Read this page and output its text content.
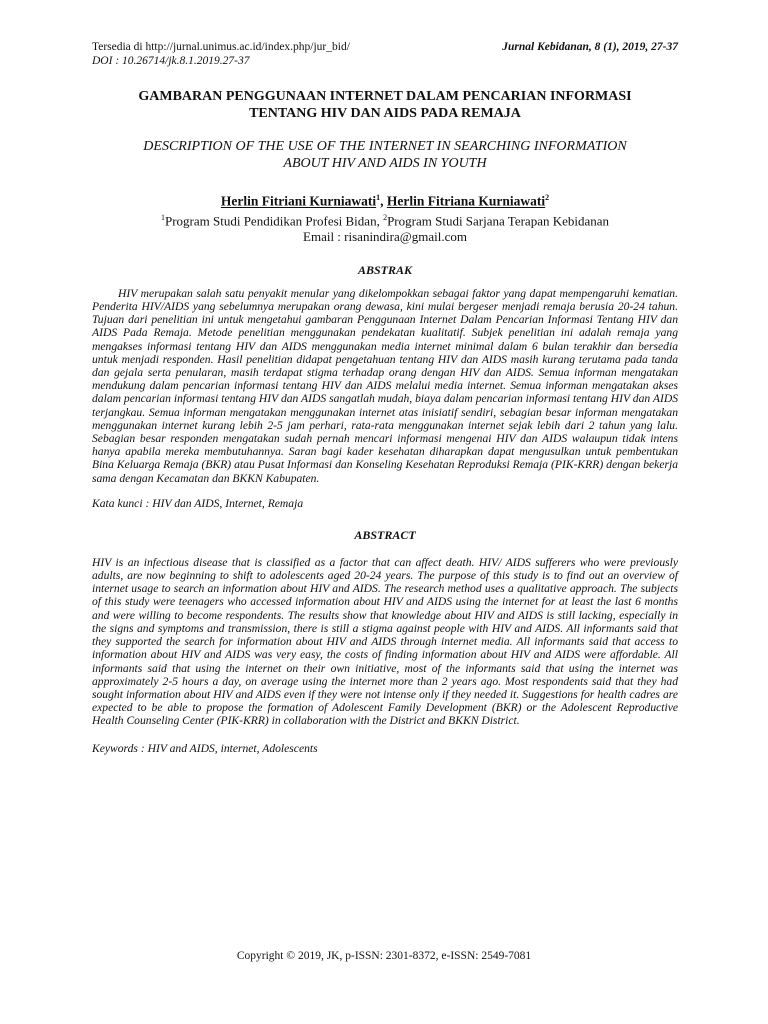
Tersedia di http://jurnal.unimus.ac.id/index.php/jur_bid/	Jurnal Kebidanan, 8 (1), 2019, 27-37
DOI : 10.26714/jk.8.1.2019.27-37
GAMBARAN PENGGUNAAN INTERNET DALAM PENCARIAN INFORMASI
TENTANG HIV DAN AIDS PADA REMAJA
DESCRIPTION OF THE USE OF THE INTERNET IN SEARCHING INFORMATION
ABOUT HIV AND AIDS IN YOUTH
Herlin Fitriani Kurniawati$^1$, Herlin Fitriana Kurniawati$^2$
$^1$Program Studi Pendidikan Profesi Bidan, $^2$Program Studi Sarjana Terapan Kebidanan
Email : risanindira@gmail.com
ABSTRAK
HIV merupakan salah satu penyakit menular yang dikelompokkan sebagai faktor yang dapat mempengaruhi kematian. Penderita HIV/AIDS yang sebelumnya merupakan orang dewasa, kini mulai bergeser menjadi remaja berusia 20-24 tahun. Tujuan dari penelitian ini untuk mengetahui gambaran Penggunaan Internet Dalam Pencarian Informasi Tentang HIV dan AIDS Pada Remaja. Metode penelitian menggunakan pendekatan kualitatif. Subjek penelitian ini adalah remaja yang mengakses informasi tentang HIV dan AIDS menggunakan media internet minimal dalam 6 bulan terakhir dan bersedia untuk menjadi responden. Hasil penelitian didapat pengetahuan tentang HIV dan AIDS masih kurang terutama pada tanda dan gejala serta penularan, masih terdapat stigma terhadap orang dengan HIV dan AIDS. Semua informan mengatakan mendukung dalam pencarian informasi tentang HIV dan AIDS melalui media internet. Semua informan mengatakan akses dalam pencarian informasi tentang HIV dan AIDS sangatlah mudah, biaya dalam pencarian informasi tentang HIV dan AIDS terjangkau. Semua informan mengatakan menggunakan internet atas inisiatif sendiri, sebagian besar informan mengatakan menggunakan internet kurang lebih 2-5 jam perhari, rata-rata menggunakan internet sejak lebih dari 2 tahun yang lalu. Sebagian besar responden mengatakan sudah pernah mencari informasi mengenai HIV dan AIDS walaupun tidak intens hanya apabila mereka membutuhannya. Saran bagi kader kesehatan diharapkan dapat mengusulkan untuk pembentukan Bina Keluarga Remaja (BKR) atau Pusat Informasi dan Konseling Kesehatan Reproduksi Remaja (PIK-KRR) dengan bekerja sama dengan Kecamatan dan BKKN Kabupaten.
Kata kunci : HIV dan AIDS, Internet, Remaja
ABSTRACT
HIV is an infectious disease that is classified as a factor that can affect death. HIV/ AIDS sufferers who were previously adults, are now beginning to shift to adolescents aged 20-24 years. The purpose of this study is to find out an overview of internet usage to search an information about HIV and AIDS. The research method uses a qualitative approach. The subjects of this study were teenagers who accessed information about HIV and AIDS using the internet for at least the last 6 months and were willing to become respondents. The results show that knowledge about HIV and AIDS is still lacking, especially in the signs and symptoms and transmission, there is still a stigma against people with HIV and AIDS. All informants said that they supported the search for information about HIV and AIDS through internet media. All informants said that access to information about HIV and AIDS was very easy, the costs of finding information about HIV and AIDS were affordable. All informants said that using the internet on their own initiative, most of the informants said that using the internet was approximately 2-5 hours a day, on average using the internet more than 2 years ago. Most respondents said that they had sought information about HIV and AIDS even if they were not intense only if they needed it. Suggestions for health cadres are expected to be able to propose the formation of Adolescent Family Development (BKR) or the Adolescent Reproductive Health Counseling Center (PIK-KRR) in collaboration with the District and BKKN District.
Keywords : HIV and AIDS, internet, Adolescents
Copyright © 2019, JK, p-ISSN: 2301-8372, e-ISSN: 2549-7081
